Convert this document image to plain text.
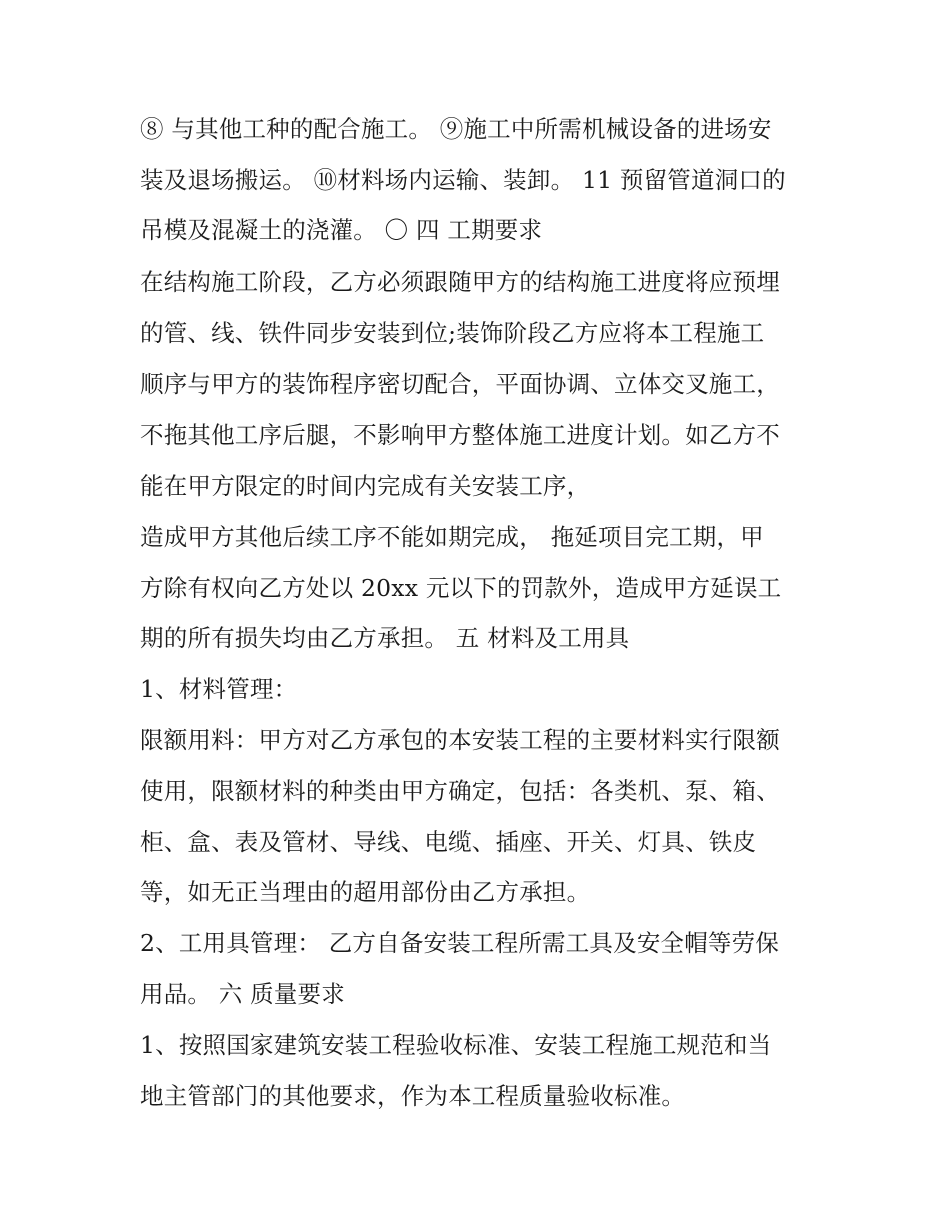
⑧ 与其他工种的配合施工。 ⑨施工中所需机械设备的进场安
装及退场搬运。 ⑩材料场内运输、装卸。 11 预留管道洞口的
吊模及混凝土的浇灌。 〇 四 工期要求
在结构施工阶段，乙方必须跟随甲方的结构施工进度将应预埋
的管、线、铁件同步安装到位;装饰阶段乙方应将本工程施工
顺序与甲方的装饰程序密切配合，平面协调、立体交叉施工，
不拖其他工序后腿，不影响甲方整体施工进度计划。如乙方不
能在甲方限定的时间内完成有关安装工序，
造成甲方其他后续工序不能如期完成， 拖延项目完工期，甲
方除有权向乙方处以 20xx 元以下的罚款外，造成甲方延误工
期的所有损失均由乙方承担。 五 材料及工用具
1、材料管理：
限额用料：甲方对乙方承包的本安装工程的主要材料实行限额
使用，限额材料的种类由甲方确定，包括：各类机、泵、箱、
柜、盒、表及管材、导线、电缆、插座、开关、灯具、铁皮
等，如无正当理由的超用部份由乙方承担。
2、工用具管理： 乙方自备安装工程所需工具及安全帽等劳保
用品。 六 质量要求
1、按照国家建筑安装工程验收标准、安装工程施工规范和当
地主管部门的其他要求，作为本工程质量验收标准。
